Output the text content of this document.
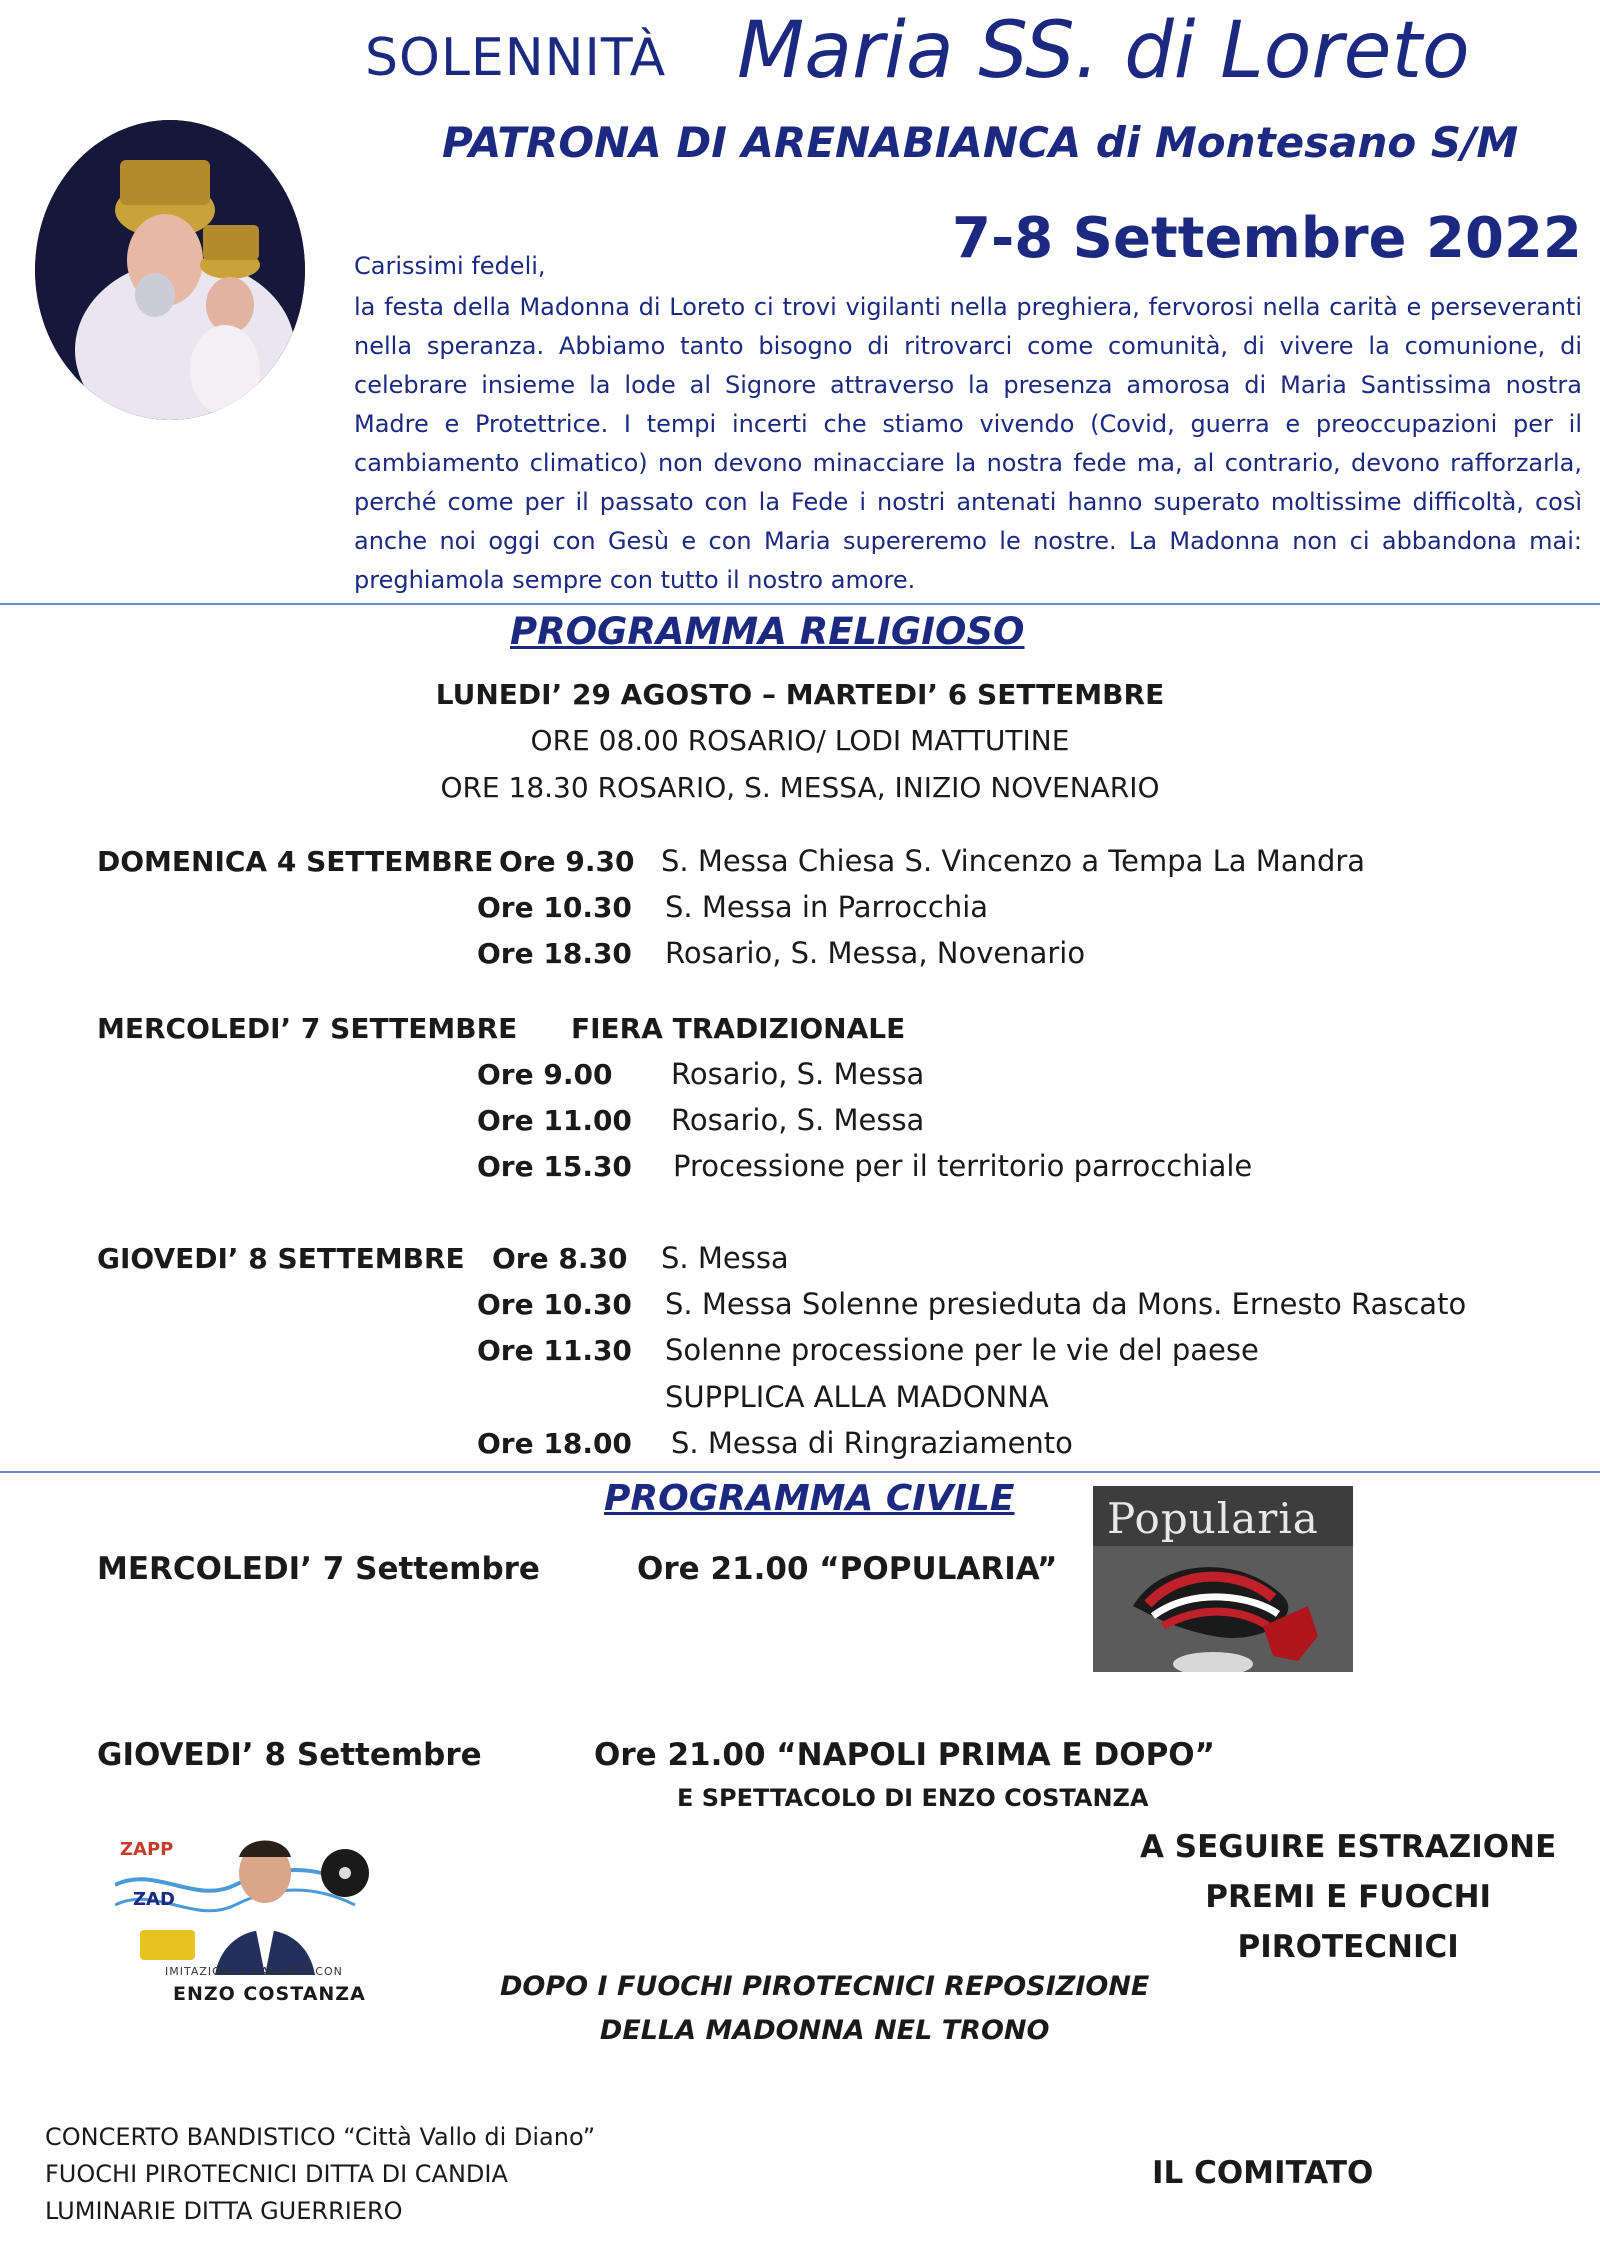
SOLENNITÀ Maria SS. di Loreto
PATRONA DI ARENABIANCA di Montesano S/M
7-8 Settembre 2022
Carissimi fedeli,
la festa della Madonna di Loreto ci trovi vigilanti nella preghiera, fervorosi nella carità e perseveranti nella speranza. Abbiamo tanto bisogno di ritrovarci come comunità, di vivere la comunione, di celebrare insieme la lode al Signore attraverso la presenza amorosa di Maria Santissima nostra Madre e Protettrice. I tempi incerti che stiamo vivendo (Covid, guerra e preoccupazioni per il cambiamento climatico) non devono minacciare la nostra fede ma, al contrario, devono rafforzarla, perché come per il passato con la Fede i nostri antenati hanno superato moltissime difficoltà, così anche noi oggi con Gesù e con Maria supereremo le nostre. La Madonna non ci abbandona mai: preghiamola sempre con tutto il nostro amore.
PROGRAMMA RELIGIOSO
LUNEDI’ 29 AGOSTO – MARTEDI’ 6 SETTEMBRE
ORE 08.00 ROSARIO/ LODI MATTUTINE
ORE 18.30 ROSARIO, S. MESSA, INIZIO NOVENARIO
DOMENICA 4 SETTEMBRE Ore 9.30 S. Messa Chiesa S. Vincenzo a Tempa La Mandra
Ore 10.30 S. Messa in Parrocchia
Ore 18.30 Rosario, S. Messa, Novenario
MERCOLEDI’ 7 SETTEMBRE FIERA TRADIZIONALE
Ore 9.00 Rosario, S. Messa
Ore 11.00 Rosario, S. Messa
Ore 15.30 Processione per il territorio parrocchiale
GIOVEDI’ 8 SETTEMBRE Ore 8.30 S. Messa
Ore 10.30 S. Messa Solenne presieduta da Mons. Ernesto Rascato
Ore 11.30 Solenne processione per le vie del paese
SUPPLICA ALLA MADONNA
Ore 18.00 S. Messa di Ringraziamento
PROGRAMMA CIVILE
MERCOLEDI’ 7 Settembre	Ore 21.00 “POPULARIA”
Popularia
GIOVEDI’ 8 Settembre	Ore 21.00 “NAPOLI PRIMA E DOPO”
E SPETTACOLO DI ENZO COSTANZA
ZAPP
ZAD
IMITAZIONI E CABARET CON
ENZO COSTANZA
A SEGUIRE ESTRAZIONE
PREMI E FUOCHI
PIROTECNICI
DOPO I FUOCHI PIROTECNICI REPOSIZIONE
DELLA MADONNA NEL TRONO
CONCERTO BANDISTICO “Città Vallo di Diano”
FUOCHI PIROTECNICI DITTA DI CANDIA
LUMINARIE DITTA GUERRIERO
IL COMITATO
